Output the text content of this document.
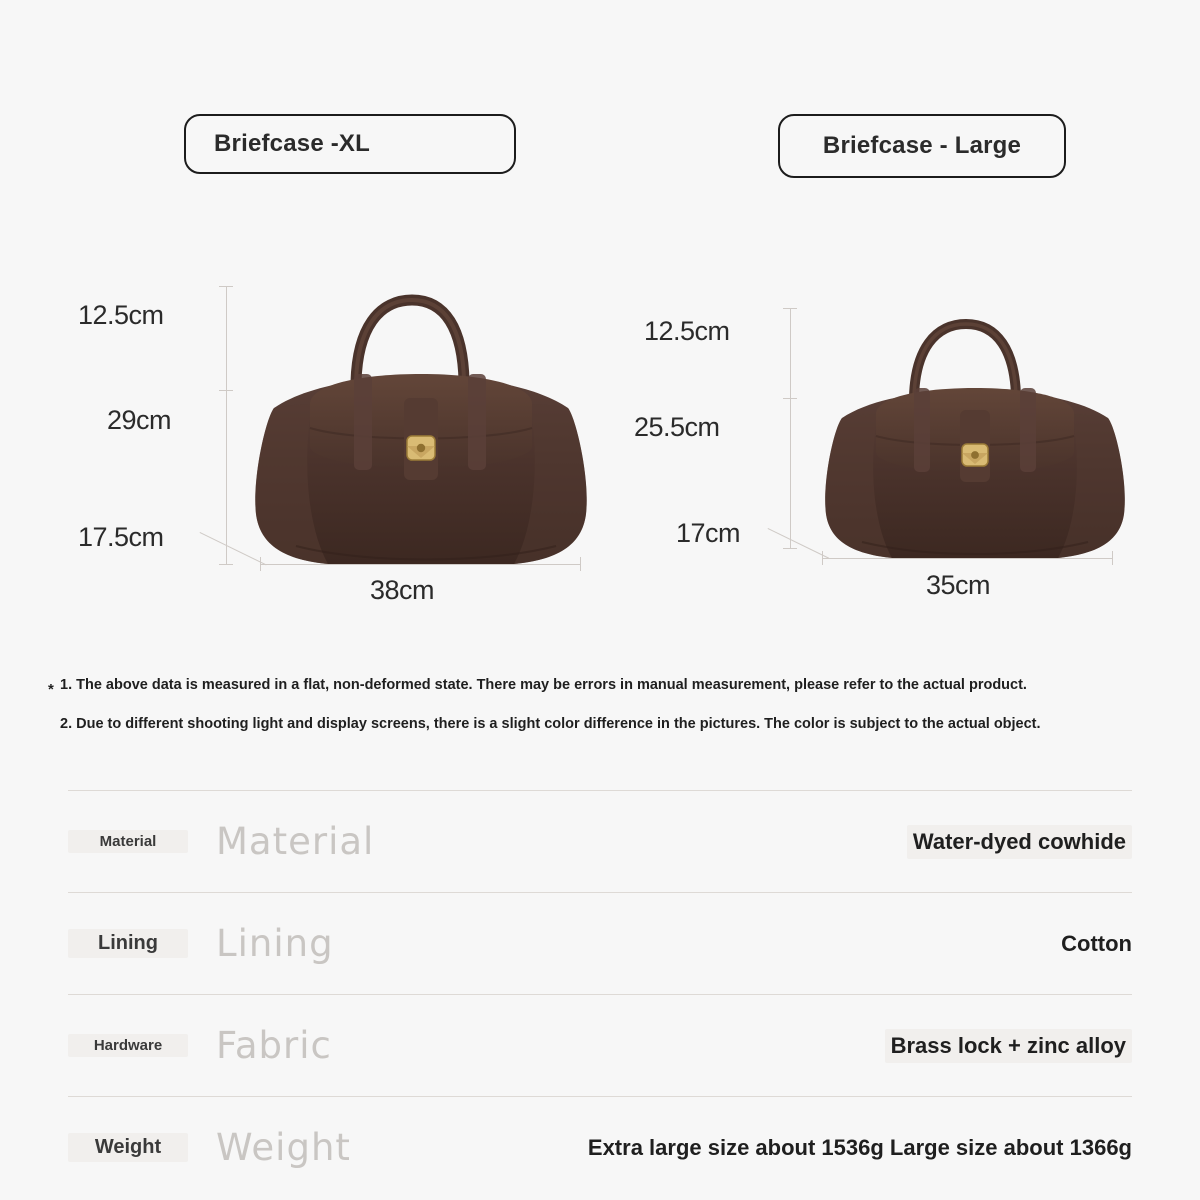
Briefcase -XL	Briefcase - Large
12.5cm
29cm
17.5cm
38cm
12.5cm
25.5cm
17cm
35cm
* 1. The above data is measured in a flat, non-deformed state. There may be errors in manual measurement, please refer to the actual product.
2. Due to different shooting light and display screens, there is a slight color difference in the pictures. The color is subject to the actual object.
Material	Material	Water-dyed cowhide
Lining	Lining	Cotton
Hardware	Fabric	Brass lock + zinc alloy
Weight	Weight	Extra large size about 1536g Large size about 1366g
